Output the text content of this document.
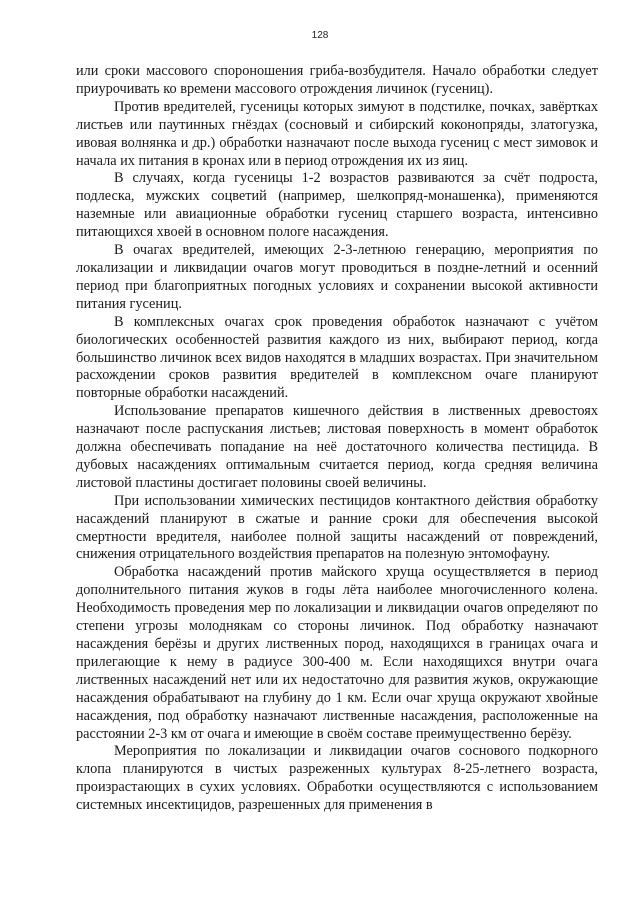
128

или сроки массового спороношения гриба-возбудителя. Начало обработки следует приурочивать ко времени массового отрождения личинок (гусениц).

Против вредителей, гусеницы которых зимуют в подстилке, почках, завёртках листьев или паутинных гнёздах (сосновый и сибирский коконопряды, златогузка, ивовая волнянка и др.) обработки назначают после выхода гусениц с мест зимовок и начала их питания в кронах или в период отрождения их из яиц.

В случаях, когда гусеницы 1-2 возрастов развиваются за счёт подроста, подлеска, мужских соцветий (например, шелкопряд-монашенка), применяются наземные или авиационные обработки гусениц старшего возраста, интенсивно питающихся хвоей в основном пологе насаждения.

В очагах вредителей, имеющих 2-3-летнюю генерацию, мероприятия по локализации и ликвидации очагов могут проводиться в поздне-летний и осенний период при благоприятных погодных условиях и сохранении высокой активности питания гусениц.

В комплексных очагах срок проведения обработок назначают с учётом биологических особенностей развития каждого из них, выбирают период, когда большинство личинок всех видов находятся в младших возрастах. При значительном расхождении сроков развития вредителей в комплексном очаге планируют повторные обработки насаждений.

Использование препаратов кишечного действия в лиственных древостоях назначают после распускания листьев; листовая поверхность в момент обработок должна обеспечивать попадание на неё достаточного количества пестицида. В дубовых насаждениях оптимальным считается период, когда средняя величина листовой пластины достигает половины своей величины.

При использовании химических пестицидов контактного действия обработку насаждений планируют в сжатые и ранние сроки для обеспечения высокой смертности вредителя, наиболее полной защиты насаждений от повреждений, снижения отрицательного воздействия препаратов на полезную энтомофауну.

Обработка насаждений против майского хруща осуществляется в период дополнительного питания жуков в годы лёта наиболее многочисленного колена. Необходимость проведения мер по локализации и ликвидации очагов определяют по степени угрозы молоднякам со стороны личинок. Под обработку назначают насаждения берёзы и других лиственных пород, находящихся в границах очага и прилегающие к нему в радиусе 300-400 м. Если находящихся внутри очага лиственных насаждений нет или их недостаточно для развития жуков, окружающие насаждения обрабатывают на глубину до 1 км. Если очаг хруща окружают хвойные насаждения, под обработку назначают лиственные насаждения, расположенные на расстоянии 2-3 км от очага и имеющие в своём составе преимущественно берёзу.

Мероприятия по локализации и ликвидации очагов соснового подкорного клопа планируются в чистых разреженных культурах 8-25-летнего возраста, произрастающих в сухих условиях. Обработки осуществляются с использованием системных инсектицидов, разрешенных для применения в
